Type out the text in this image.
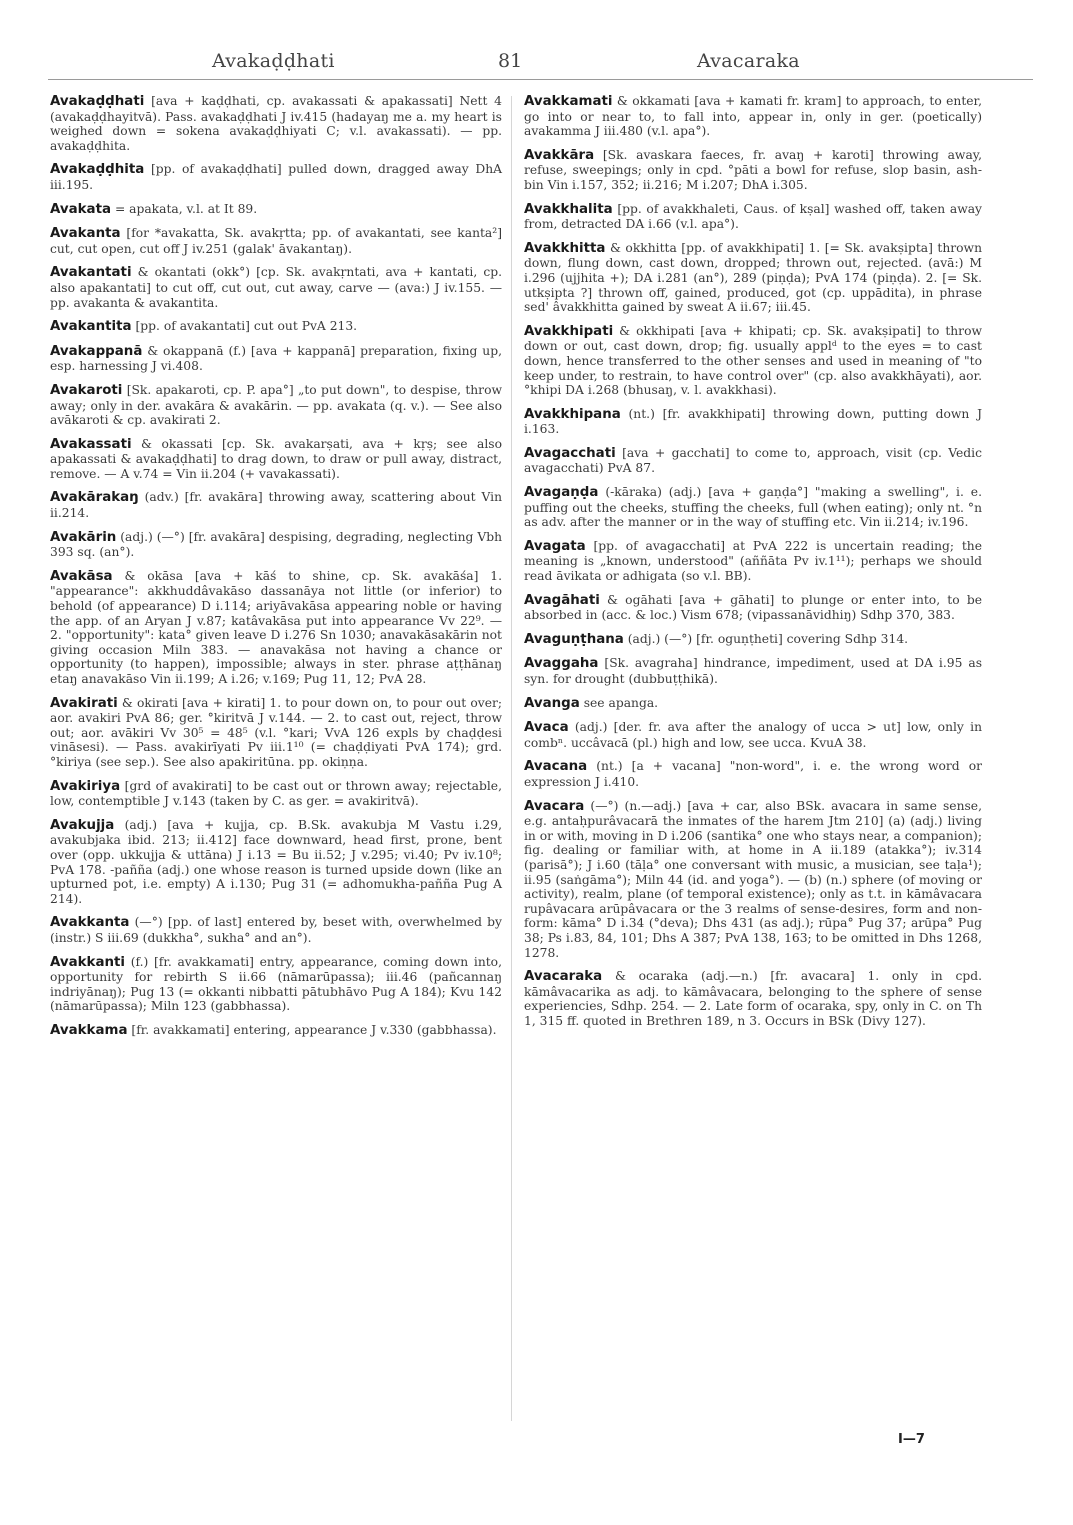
Avakaḍḍhati	81	Avacaraka

Avakaḍḍhati [ava + kaḍḍhati, cp. avakassati & apakassati] Nett 4 (avakaḍḍhayitvā). Pass. avakaḍḍhati J iv.415 (hadayaŋ me a. my heart is weighed down = sokena avakaḍḍhiyati C; v.l. avakassati). — pp. avakaḍḍhita.

Avakaḍḍhita [pp. of avakaḍḍhati] pulled down, dragged away DhA iii.195.

Avakata = apakata, v.l. at It 89.

Avakanta [for *avakatta, Sk. avakṛtta; pp. of avakantati, see kanta²] cut, cut open, cut off J iv.251 (galak' āvakantaŋ).

Avakantati & okantati (okk°) [cp. Sk. avakṛntati, ava + kantati, cp. also apakantati] to cut off, cut out, cut away, carve — (ava:) J iv.155. — pp. avakanta & avakantita.

Avakantita [pp. of avakantati] cut out PvA 213.

Avakappanā & okappanā (f.) [ava + kappanā] preparation, fixing up, esp. harnessing J vi.408.

Avakaroti [Sk. apakaroti, cp. P. apa°] „to put down", to despise, throw away; only in der. avakāra & avakārin. — pp. avakata (q. v.). — See also avākaroti & cp. avakirati 2.

Avakassati & okassati [cp. Sk. avakarṣati, ava + kṛṣ; see also apakassati & avakaḍḍhati] to drag down, to draw or pull away, distract, remove. — A v.74 = Vin ii.204 (+ vavakassati).

Avakārakaŋ (adv.) [fr. avakāra] throwing away, scattering about Vin ii.214.

Avakārin (adj.) (—°) [fr. avakāra] despising, degrading, neglecting Vbh 393 sq. (an°).

Avakāsa & okāsa [ava + kāś to shine, cp. Sk. avakāśa] 1. "appearance": akkhuddâvakāso dassanāya not little (or inferior) to behold (of appearance) D i.114; ariyāvakāsa appearing noble or having the app. of an Aryan J v.87; katâvakāsa put into appearance Vv 22⁹. — 2. "opportunity": kata° given leave D i.276 Sn 1030; anavakāsakārin not giving occasion Miln 383. — anavakāsa not having a chance or opportunity (to happen), impossible; always in ster. phrase aṭṭhānaŋ etaŋ anavakāso Vin ii.199; A i.26; v.169; Pug 11, 12; PvA 28.

Avakirati & okirati [ava + kirati] 1. to pour down on, to pour out over; aor. avakiri PvA 86; ger. °kiritvā J v.144. — 2. to cast out, reject, throw out; aor. avākiri Vv 30⁵ = 48⁵ (v.l. °kari; VvA 126 expls by chaḍḍesi vināsesi). — Pass. avakirīyati Pv iii.1¹⁰ (= chaḍḍiyati PvA 174); grd. °kiriya (see sep.). See also apakiritūna. pp. okiṇṇa.

Avakiriya [grd of avakirati] to be cast out or thrown away; rejectable, low, contemptible J v.143 (taken by C. as ger. = avakiritvā).

Avakujja (adj.) [ava + kujja, cp. B.Sk. avakubja M Vastu i.29, avakubjaka ibid. 213; ii.412] face downward, head first, prone, bent over (opp. ukkujja & uttāna) J i.13 = Bu ii.52; J v.295; vi.40; Pv iv.10⁸; PvA 178. -pañña (adj.) one whose reason is turned upside down (like an upturned pot, i.e. empty) A i.130; Pug 31 (= adhomukha-pañña Pug A 214).

Avakkanta (—°) [pp. of last] entered by, beset with, overwhelmed by (instr.) S iii.69 (dukkha°, sukha° and an°).

Avakkanti (f.) [fr. avakkamati] entry, appearance, coming down into, opportunity for rebirth S ii.66 (nāmarūpassa); iii.46 (pañcannaŋ indriyānaŋ); Pug 13 (= okkanti nibbatti pātubhāvo Pug A 184); Kvu 142 (nāmarūpassa); Miln 123 (gabbhassa).

Avakkama [fr. avakkamati] entering, appearance J v.330 (gabbhassa).

Avakkamati & okkamati [ava + kamati fr. kram] to approach, to enter, go into or near to, to fall into, appear in, only in ger. (poetically) avakamma J iii.480 (v.l. apa°).

Avakkāra [Sk. avaskara faeces, fr. avaŋ + karoti] throwing away, refuse, sweepings; only in cpd. °pāti a bowl for refuse, slop basin, ash-bin Vin i.157, 352; ii.216; M i.207; DhA i.305.

Avakkhalita [pp. of avakkhaleti, Caus. of kṣal] washed off, taken away from, detracted DA i.66 (v.l. apa°).

Avakkhitta & okkhitta [pp. of avakkhipati] 1. [= Sk. avakṣipta] thrown down, flung down, cast down, dropped; thrown out, rejected. (avā:) M i.296 (ujjhita +); DA i.281 (an°), 289 (piṇḍa); PvA 174 (piṇḍa). 2. [= Sk. utkṣipta ?] thrown off, gained, produced, got (cp. uppādita), in phrase sed' âvakkhitta gained by sweat A ii.67; iii.45.

Avakkhipati & okkhipati [ava + khipati; cp. Sk. avakṣipati] to throw down or out, cast down, drop; fig. usually applᵈ to the eyes = to cast down, hence transferred to the other senses and used in meaning of "to keep under, to restrain, to have control over" (cp. also avakkhāyati), aor. °khipi DA i.268 (bhusaŋ, v. l. avakkhasi).

Avakkhipana (nt.) [fr. avakkhipati] throwing down, putting down J i.163.

Avagacchati [ava + gacchati] to come to, approach, visit (cp. Vedic avagacchati) PvA 87.

Avagaṇḍa (-kāraka) (adj.) [ava + gaṇḍa°] "making a swelling", i. e. puffing out the cheeks, stuffing the cheeks, full (when eating); only nt. °n as adv. after the manner or in the way of stuffing etc. Vin ii.214; iv.196.

Avagata [pp. of avagacchati] at PvA 222 is uncertain reading; the meaning is „known, understood" (aññāta Pv iv.1¹¹); perhaps we should read āvikata or adhigata (so v.l. BB).

Avagāhati & ogāhati [ava + gāhati] to plunge or enter into, to be absorbed in (acc. & loc.) Vism 678; (vipassanāvidhiŋ) Sdhp 370, 383.

Avaguṇṭhana (adj.) (—°) [fr. oguṇṭheti] covering Sdhp 314.

Avaggaha [Sk. avagraha] hindrance, impediment, used at DA i.95 as syn. for drought (dubbuṭṭhikā).

Avanga see apanga.

Avaca (adj.) [der. fr. ava after the analogy of ucca > ut] low, only in combⁿ. uccâvacā (pl.) high and low, see ucca. KvuA 38.

Avacana (nt.) [a + vacana] "non-word", i. e. the wrong word or expression J i.410.

Avacara (—°) (n.—adj.) [ava + car, also BSk. avacara in same sense, e.g. antaḥpurâvacarā the inmates of the harem Jtm 210] (a) (adj.) living in or with, moving in D i.206 (santika° one who stays near, a companion); fig. dealing or familiar with, at home in A ii.189 (atakka°); iv.314 (parisā°); J i.60 (tāḷa° one conversant with music, a musician, see taḷa¹); ii.95 (saṅgāma°); Miln 44 (id. and yoga°). — (b) (n.) sphere (of moving or activity), realm, plane (of temporal existence); only as t.t. in kāmâvacara rupâvacara arūpâvacara or the 3 realms of sense-desires, form and non-form: kāma° D i.34 (°deva); Dhs 431 (as adj.); rūpa° Pug 37; arūpa° Pug 38; Ps i.83, 84, 101; Dhs A 387; PvA 138, 163; to be omitted in Dhs 1268, 1278.

Avacaraka & ocaraka (adj.—n.) [fr. avacara] 1. only in cpd. kāmâvacarika as adj. to kāmâvacara, belonging to the sphere of sense experiencies, Sdhp. 254. — 2. Late form of ocaraka, spy, only in C. on Th 1, 315 ff. quoted in Brethren 189, n 3. Occurs in BSk (Divy 127).

I—7
